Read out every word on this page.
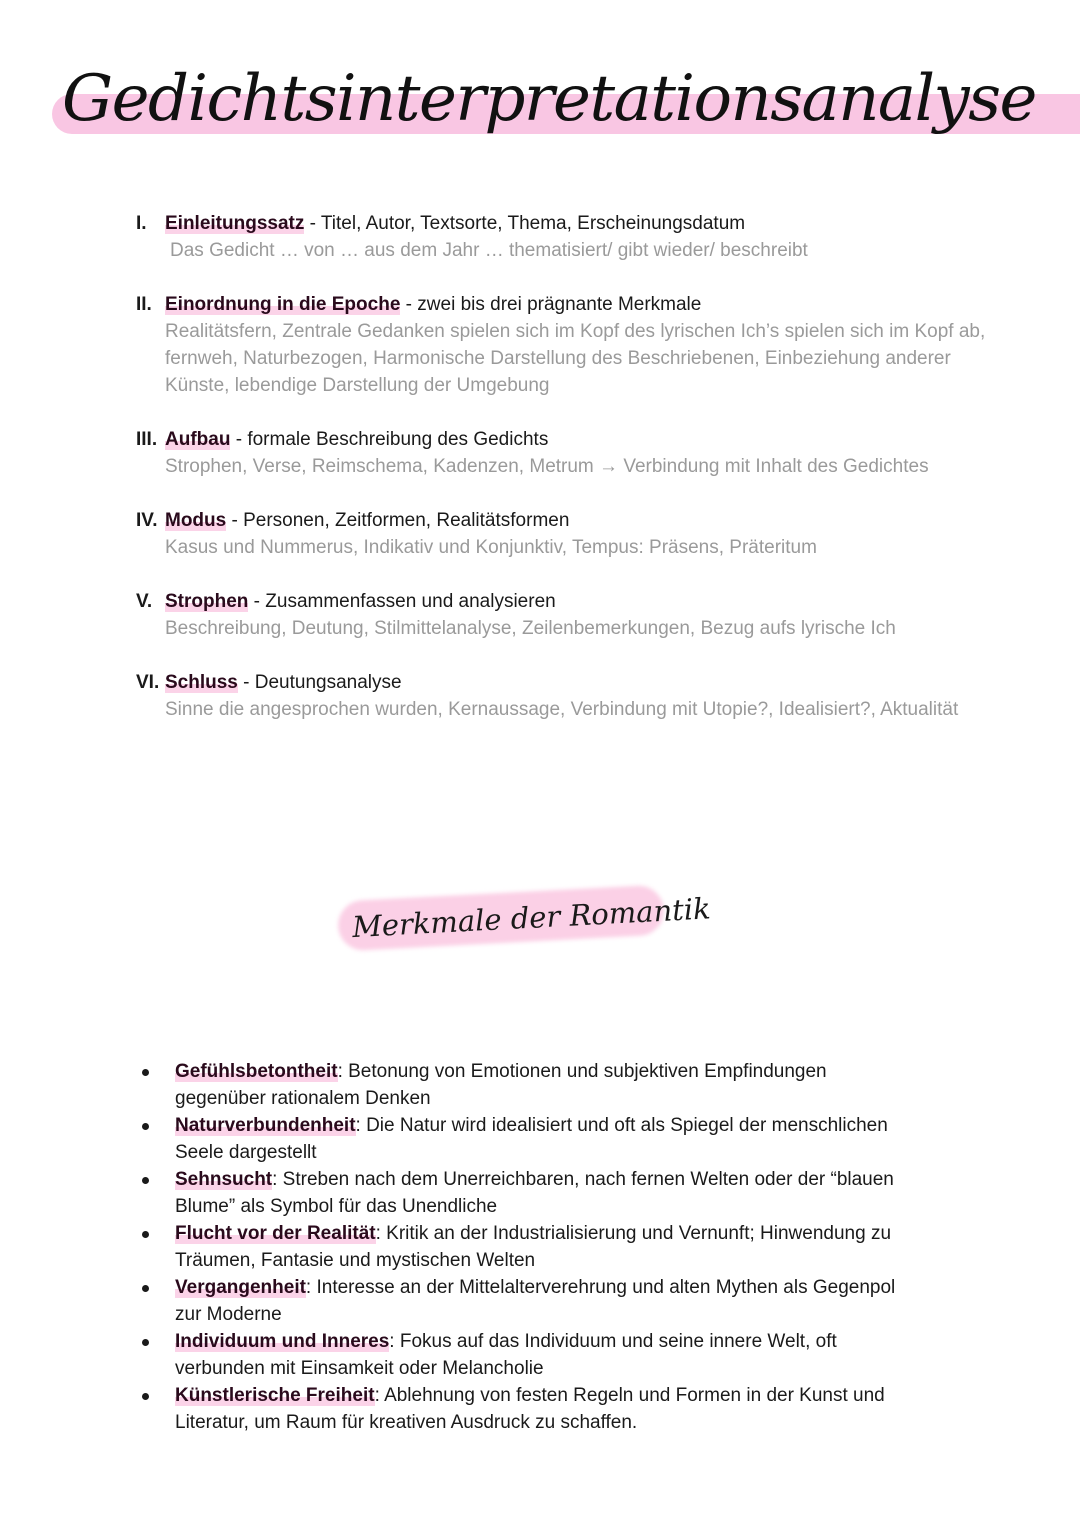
Gedichtsinterpretationsanalyse
I. Einleitungssatz - Titel, Autor, Textsorte, Thema, Erscheinungsdatum
Das Gedicht … von … aus dem Jahr … thematisiert/ gibt wieder/ beschreibt
II. Einordnung in die Epoche - zwei bis drei prägnante Merkmale
Realitätsfern, Zentrale Gedanken spielen sich im Kopf des lyrischen Ich’s spielen sich im Kopf ab, fernweh, Naturbezogen, Harmonische Darstellung des Beschriebenen, Einbeziehung anderer Künste, lebendige Darstellung der Umgebung
III. Aufbau - formale Beschreibung des Gedichts
Strophen, Verse, Reimschema, Kadenzen, Metrum → Verbindung mit Inhalt des Gedichtes
IV. Modus - Personen, Zeitformen, Realitätsformen
Kasus und Nummerus, Indikativ und Konjunktiv, Tempus: Präsens, Präteritum
V. Strophen - Zusammenfassen und analysieren
Beschreibung, Deutung, Stilmittelanalyse, Zeilenbemerkungen, Bezug aufs lyrische Ich
VI. Schluss - Deutungsanalyse
Sinne die angesprochen wurden, Kernaussage, Verbindung mit Utopie?, Idealisiert?, Aktualität
Merkmale der Romantik
Gefühlsbetontheit: Betonung von Emotionen und subjektiven Empfindungen gegenüber rationalem Denken
Naturverbundenheit: Die Natur wird idealisiert und oft als Spiegel der menschlichen Seele dargestellt
Sehnsucht: Streben nach dem Unerreichbaren, nach fernen Welten oder der “blauen Blume” als Symbol für das Unendliche
Flucht vor der Realität: Kritik an der Industrialisierung und Vernunft; Hinwendung zu Träumen, Fantasie und mystischen Welten
Vergangenheit: Interesse an der Mittelalterverehrung und alten Mythen als Gegenpol zur Moderne
Individuum und Inneres: Fokus auf das Individuum und seine innere Welt, oft verbunden mit Einsamkeit oder Melancholie
Künstlerische Freiheit: Ablehnung von festen Regeln und Formen in der Kunst und Literatur, um Raum für kreativen Ausdruck zu schaffen.
